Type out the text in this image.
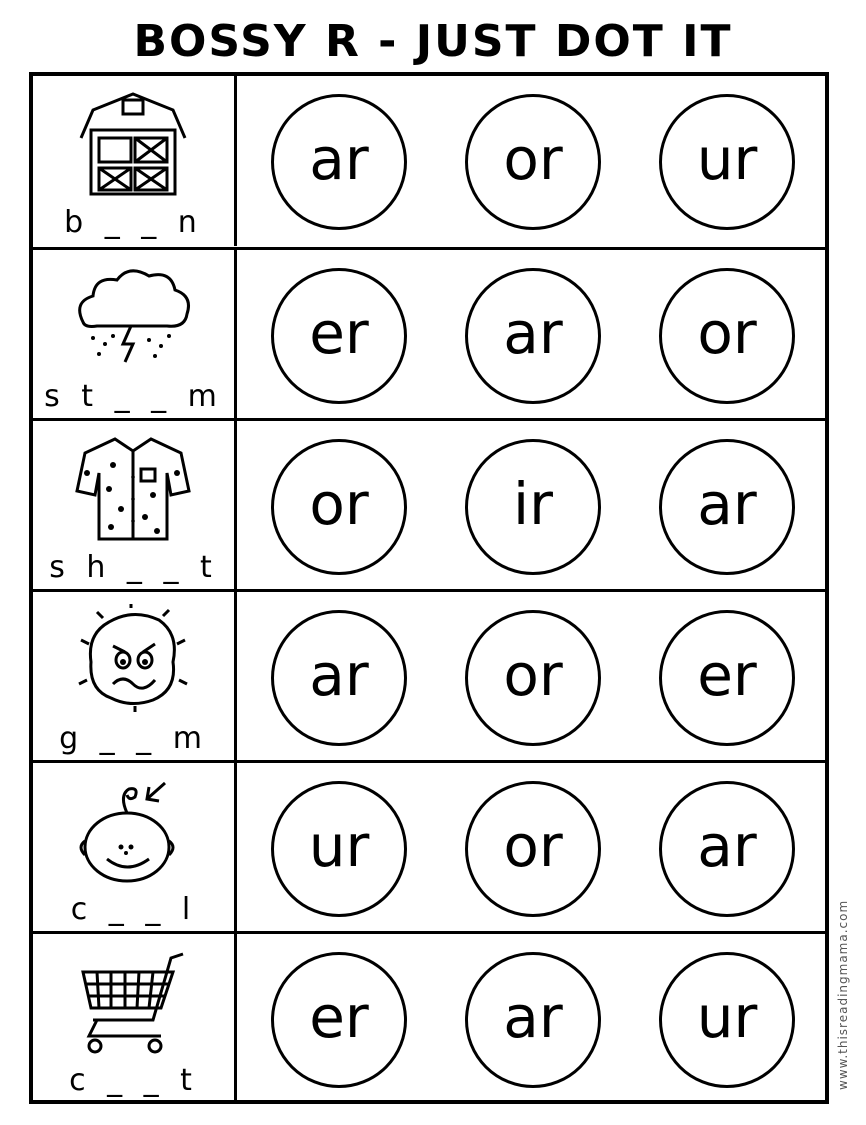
BOSSY R - JUST DOT IT
b _ _ n
ar or ur
s t _ _ m
er ar or
s h _ _ t
or ir ar
g _ _ m
ar or er
c _ _ l
ur or ar
c _ _ t
er ar ur	www.thisreadingmama.com
